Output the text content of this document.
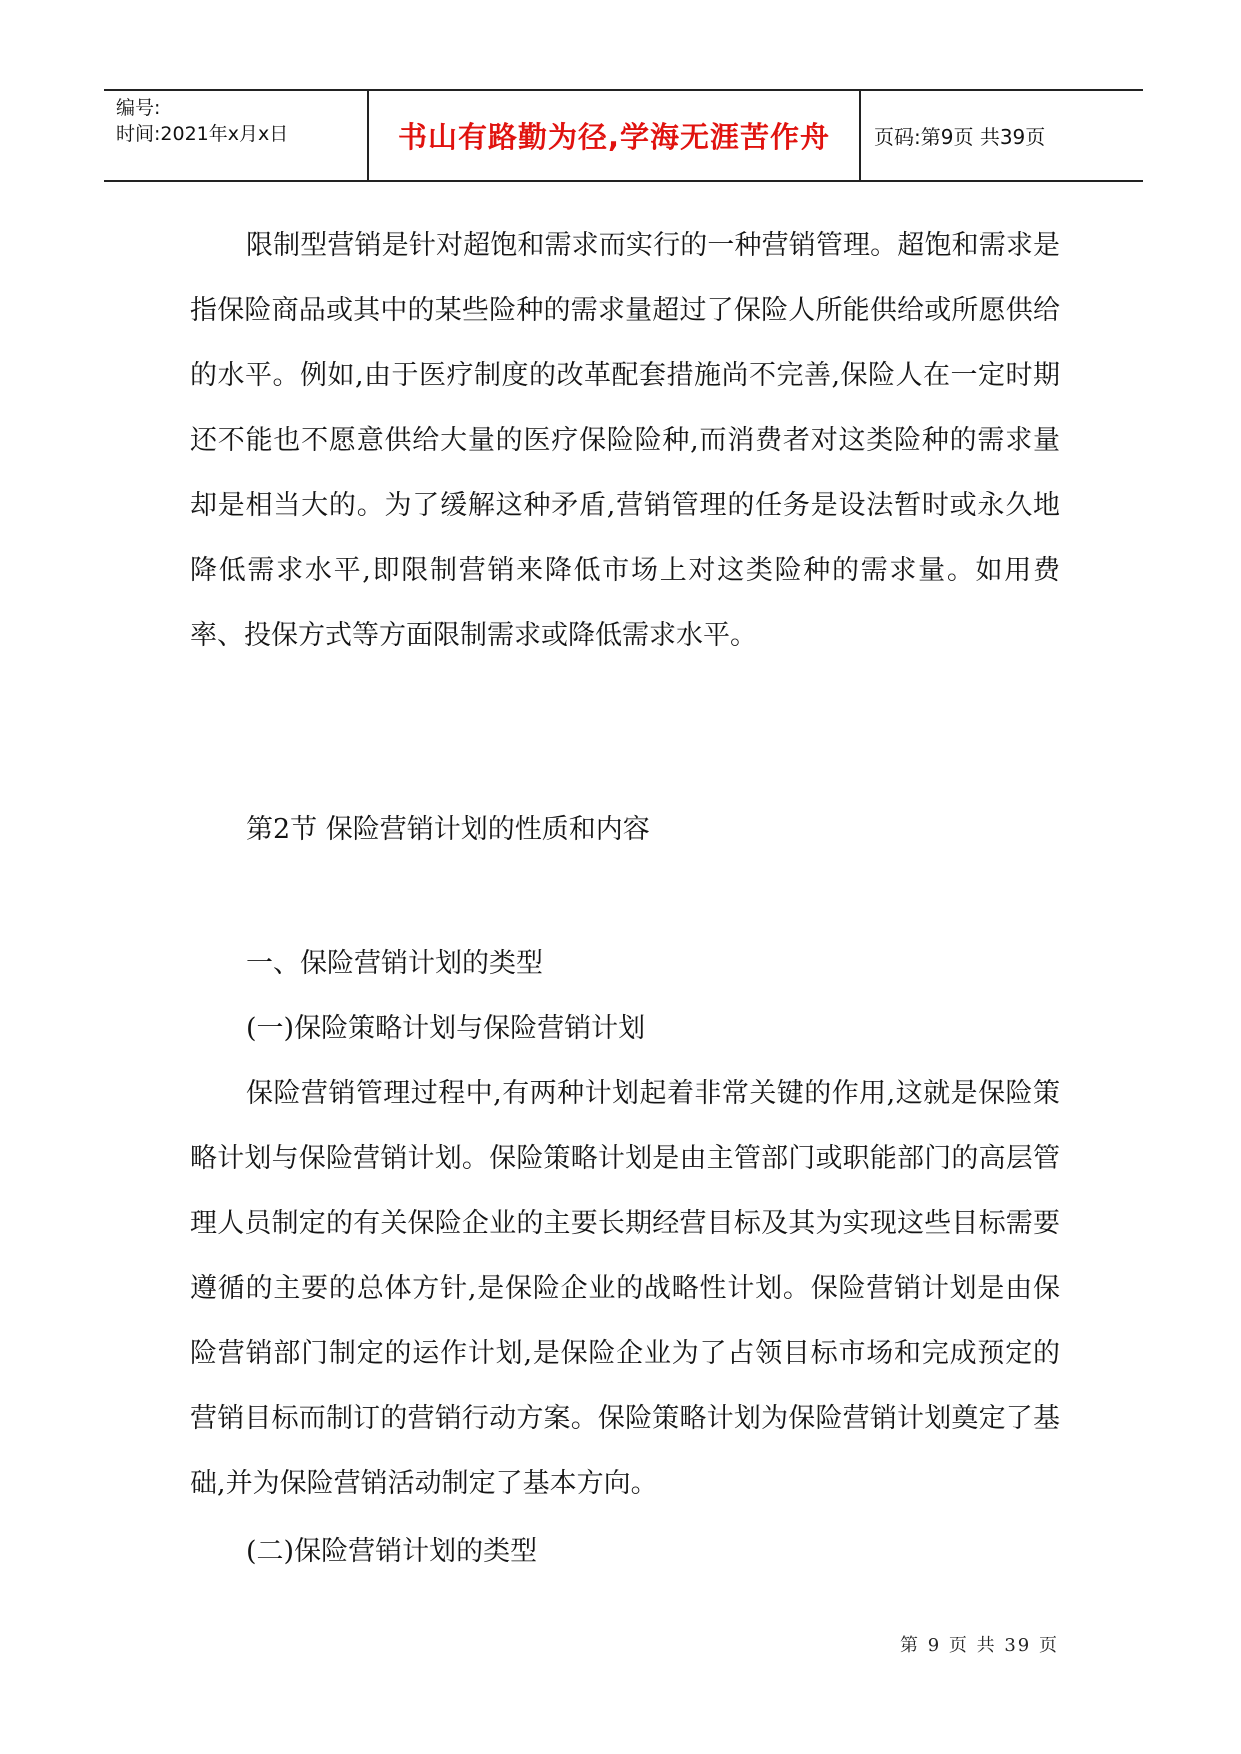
编号:
时间:2021年x月x日	书山有路勤为径,学海无涯苦作舟	页码:第9页 共39页

限制型营销是针对超饱和需求而实行的一种营销管理。超饱和需求是指保险商品或其中的某些险种的需求量超过了保险人所能供给或所愿供给的水平。例如,由于医疗制度的改革配套措施尚不完善,保险人在一定时期还不能也不愿意供给大量的医疗保险险种,而消费者对这类险种的需求量却是相当大的。为了缓解这种矛盾,营销管理的任务是设法暂时或永久地降低需求水平,即限制营销来降低市场上对这类险种的需求量。如用费率、投保方式等方面限制需求或降低需求水平。

第2节 保险营销计划的性质和内容
一、保险营销计划的类型
(一)保险策略计划与保险营销计划

保险营销管理过程中,有两种计划起着非常关键的作用,这就是保险策略计划与保险营销计划。保险策略计划是由主管部门或职能部门的高层管理人员制定的有关保险企业的主要长期经营目标及其为实现这些目标需要遵循的主要的总体方针,是保险企业的战略性计划。保险营销计划是由保险营销部门制定的运作计划,是保险企业为了占领目标市场和完成预定的营销目标而制订的营销行动方案。保险策略计划为保险营销计划奠定了基础,并为保险营销活动制定了基本方向。

(二)保险营销计划的类型
第 9 页 共 39 页
